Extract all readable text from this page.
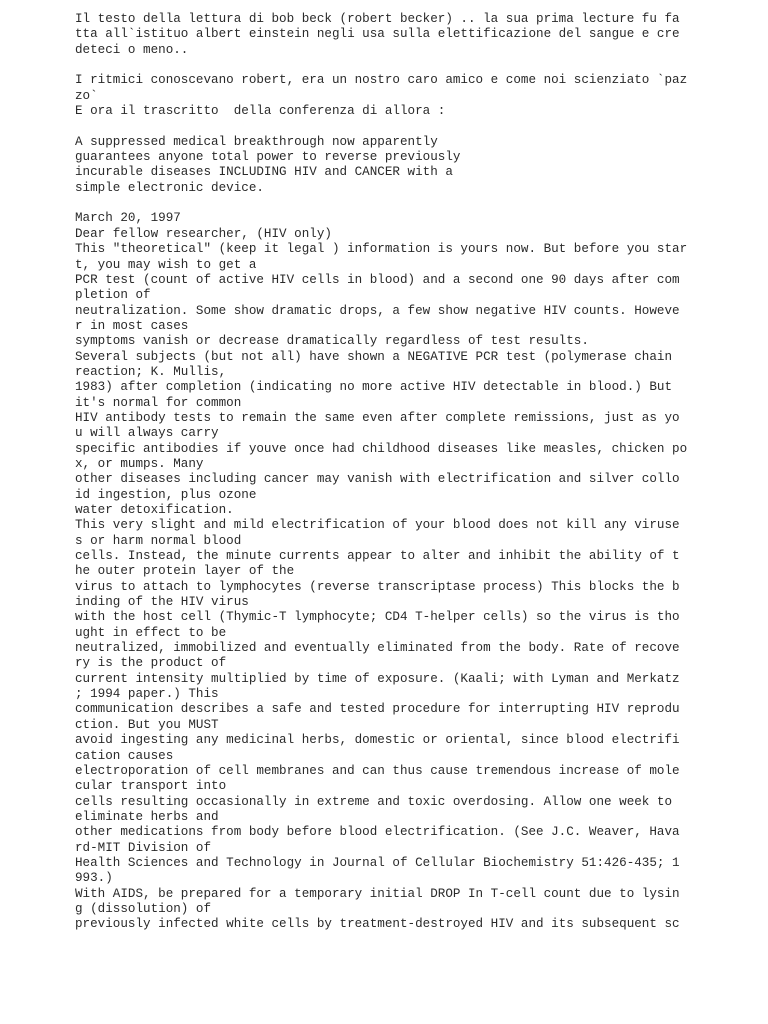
Il testo della lettura di bob beck (robert becker) .. la sua prima lecture fu fa
tta all`istituo albert einstein negli usa sulla elettificazione del sangue e cre
deteci o meno..
I ritmici conoscevano robert, era un nostro caro amico e come noi scienziato `paz
zo`
E ora il trascritto  della conferenza di allora :
A suppressed medical breakthrough now apparently
guarantees anyone total power to reverse previously
incurable diseases INCLUDING HIV and CANCER with a
simple electronic device.
March 20, 1997
Dear fellow researcher, (HIV only)
This "theoretical" (keep it legal ) information is yours now. But before you star
t, you may wish to get a
PCR test (count of active HIV cells in blood) and a second one 90 days after com
pletion of
neutralization. Some show dramatic drops, a few show negative HIV counts. Howeve
r in most cases
symptoms vanish or decrease dramatically regardless of test results.
Several subjects (but not all) have shown a NEGATIVE PCR test (polymerase chain
reaction; K. Mullis,
1983) after completion (indicating no more active HIV detectable in blood.) But
it's normal for common
HIV antibody tests to remain the same even after complete remissions, just as yo
u will always carry
specific antibodies if youve once had childhood diseases like measles, chicken po
x, or mumps. Many
other diseases including cancer may vanish with electrification and silver collo
id ingestion, plus ozone
water detoxification.
This very slight and mild electrification of your blood does not kill any viruse
s or harm normal blood
cells. Instead, the minute currents appear to alter and inhibit the ability of t
he outer protein layer of the
virus to attach to lymphocytes (reverse transcriptase process) This blocks the b
inding of the HIV virus
with the host cell (Thymic-T lymphocyte; CD4 T-helper cells) so the virus is tho
ught in effect to be
neutralized, immobilized and eventually eliminated from the body. Rate of recove
ry is the product of
current intensity multiplied by time of exposure. (Kaali; with Lyman and Merkatz
; 1994 paper.) This
communication describes a safe and tested procedure for interrupting HIV reprodu
ction. But you MUST
avoid ingesting any medicinal herbs, domestic or oriental, since blood electrifi
cation causes
electroporation of cell membranes and can thus cause tremendous increase of mole
cular transport into
cells resulting occasionally in extreme and toxic overdosing. Allow one week to
eliminate herbs and
other medications from body before blood electrification. (See J.C. Weaver, Hava
rd-MIT Division of
Health Sciences and Technology in Journal of Cellular Biochemistry 51:426-435; 1
993.)
With AIDS, be prepared for a temporary initial DROP In T-cell count due to lysin
g (dissolution) of
previously infected white cells by treatment-destroyed HIV and its subsequent sc
